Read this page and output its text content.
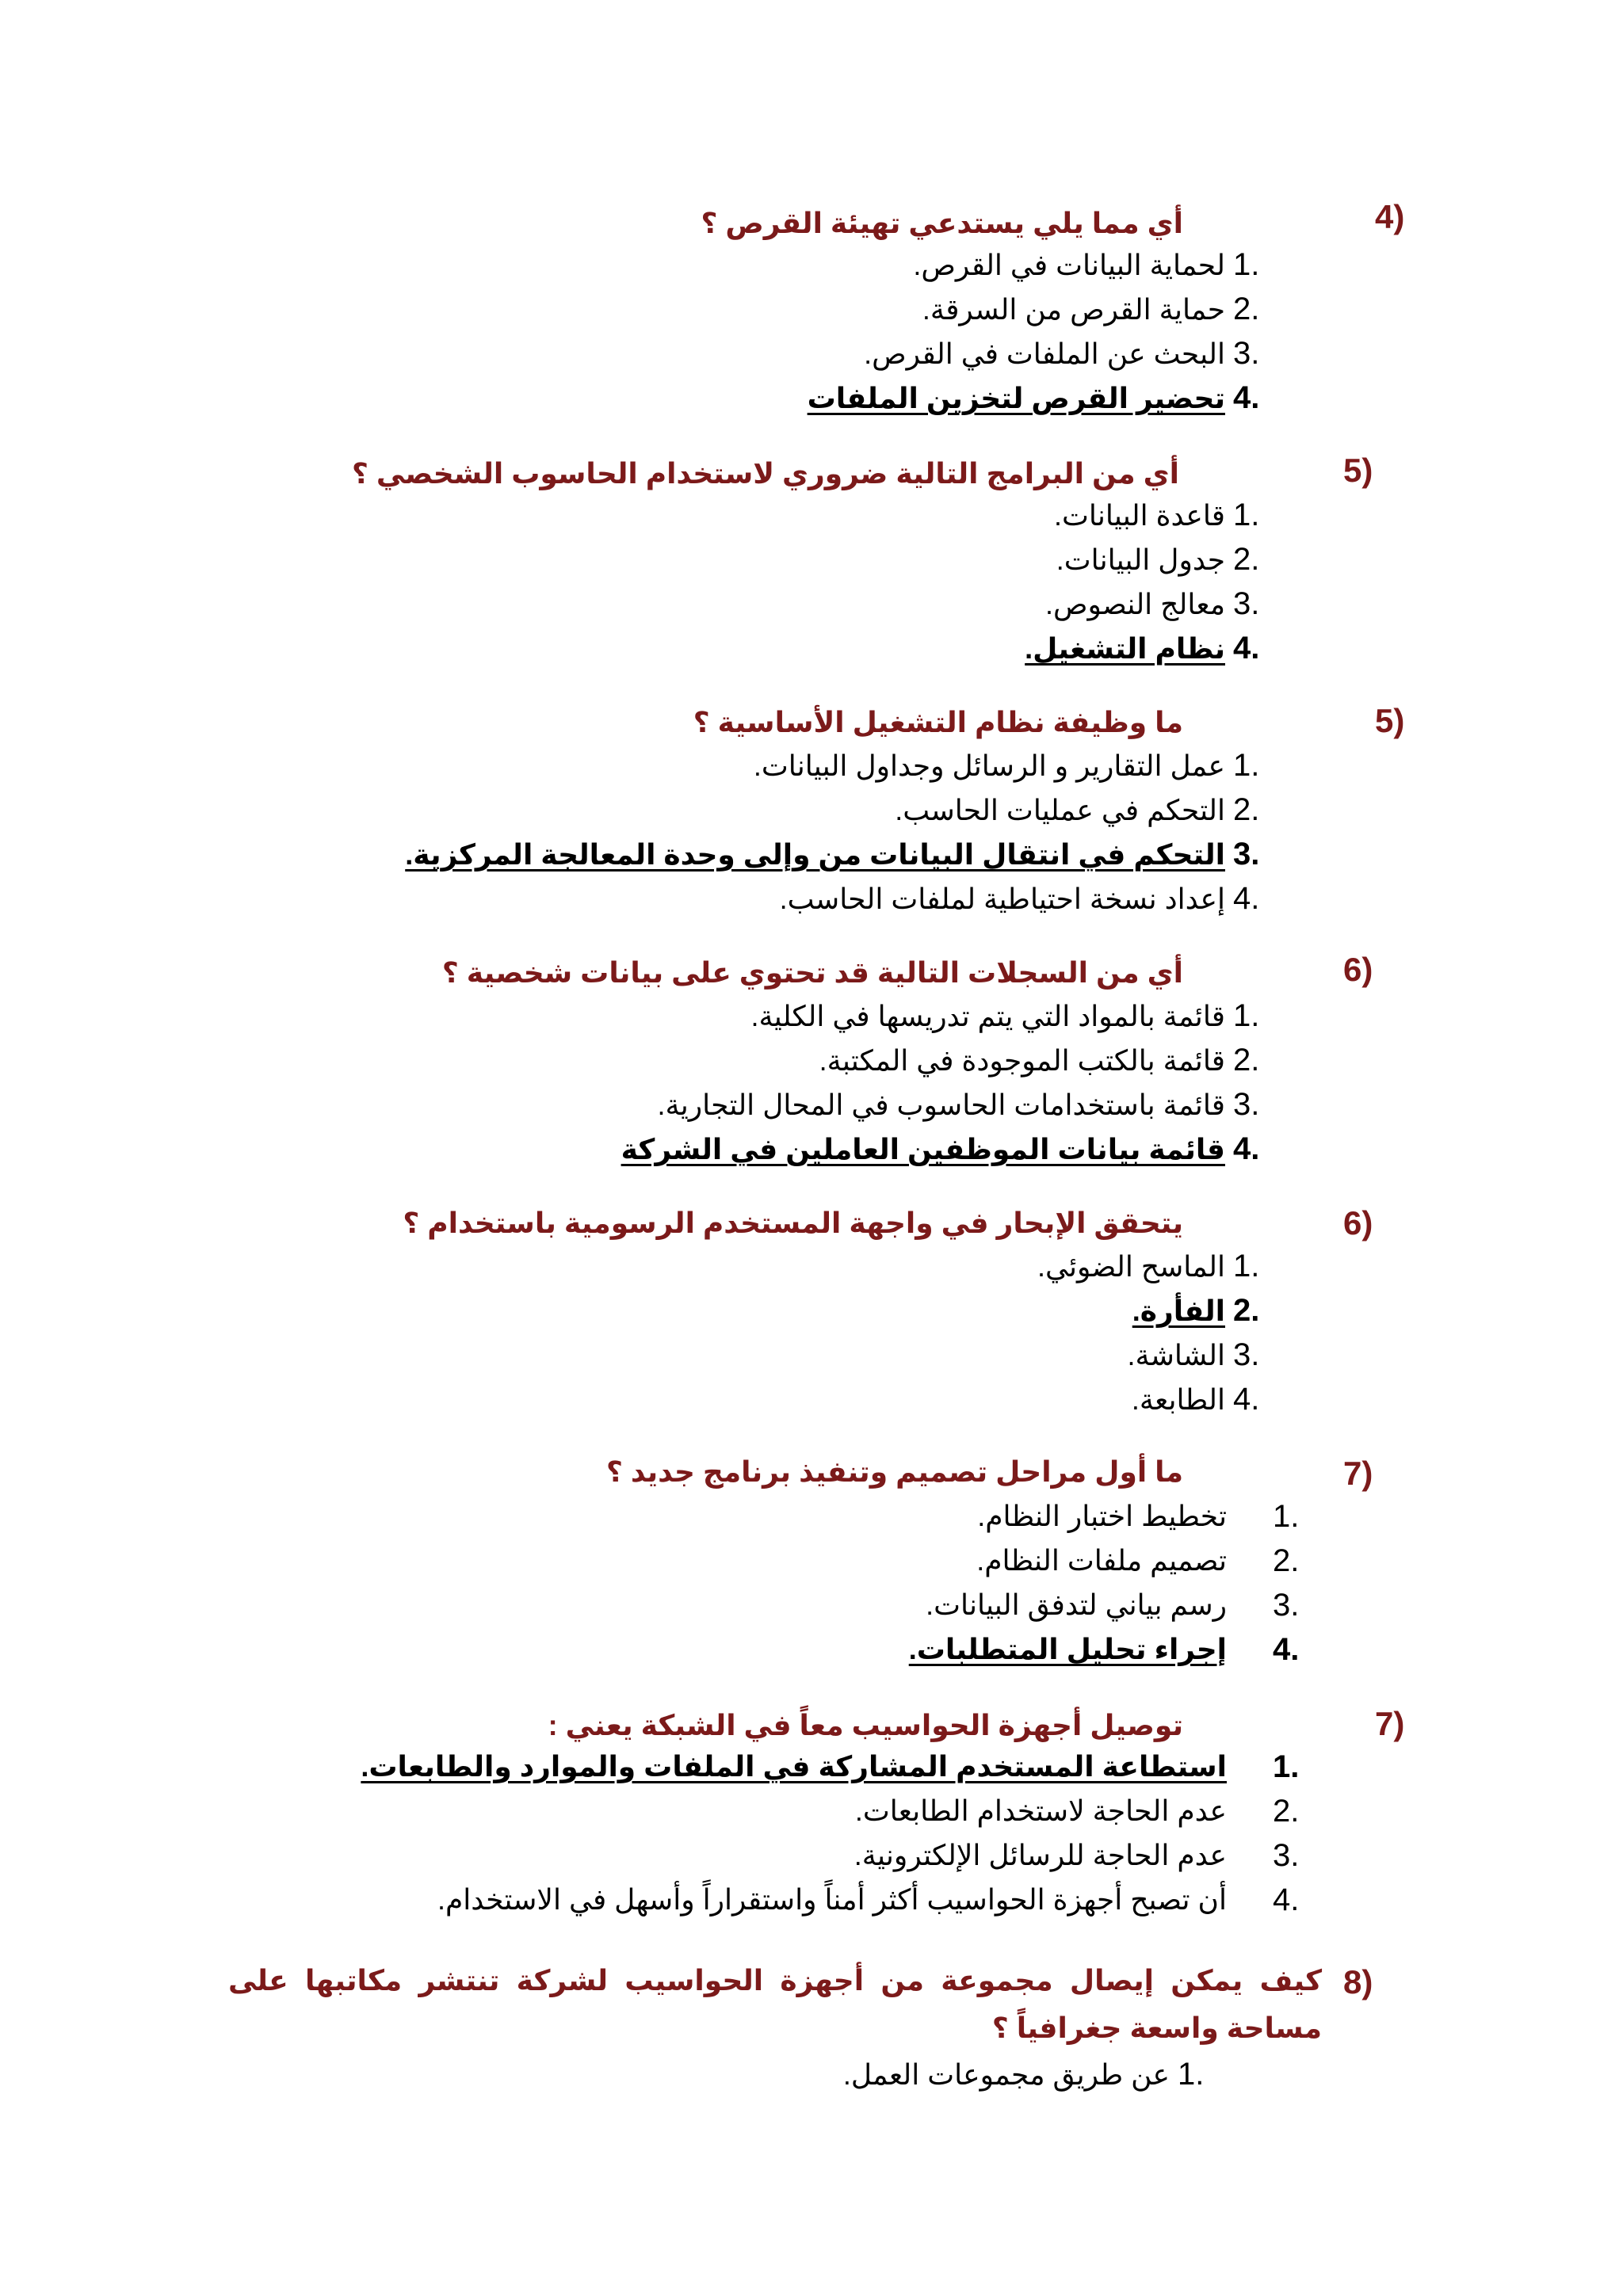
4)
أي مما يلي يستدعي تهيئة القرص ؟
1.لحماية البيانات في القرص.
2.حماية القرص من السرقة.
3.البحث عن الملفات في القرص.
4.تحضير القرص لتخزين الملفات
5)
أي من البرامج التالية ضروري لاستخدام الحاسوب الشخصي ؟
1.قاعدة البيانات.
2.جدول البيانات.
3.معالج النصوص.
4.نظام التشغيل.
5)
ما وظيفة نظام التشغيل الأساسية ؟
1.عمل التقارير و الرسائل وجداول البيانات.
2.التحكم في عمليات الحاسب.
3.التحكم في انتقال البيانات من وإلى وحدة المعالجة المركزية.
4.إعداد نسخة احتياطية لملفات الحاسب.
6)
أي من السجلات التالية قد تحتوي على بيانات شخصية ؟
1.قائمة بالمواد التي يتم تدريسها في الكلية.
2.قائمة بالكتب الموجودة في المكتبة.
3.قائمة باستخدامات الحاسوب في المحال التجارية.
4.قائمة بيانات الموظفين العاملين في الشركة
6)
يتحقق الإبحار في واجهة المستخدم الرسومية باستخدام ؟
1.الماسح الضوئي.
2.الفأرة.
3.الشاشة.
4.الطابعة.
7)
ما أول مراحل تصميم وتنفيذ برنامج جديد ؟
1.
تخطيط اختبار النظام.
2.
تصميم ملفات النظام.
3.
رسم بياني لتدفق البيانات.
4.
إجراء تحليل المتطلبات.
7)
توصيل أجهزة الحواسيب معاً في الشبكة يعني :
1.
استطاعة المستخدم المشاركة في الملفات والموارد والطابعات.
2.
عدم الحاجة لاستخدام الطابعات.
3.
عدم الحاجة للرسائل الإلكترونية.
4.
أن تصبح أجهزة الحواسيب أكثر أمناً واستقراراً وأسهل في الاستخدام.
8)
كيف يمكن إيصال مجموعة من أجهزة الحواسيب لشركة تنتشر مكاتبها على مساحة واسعة جغرافياً ؟
1.عن طريق مجموعات العمل.
